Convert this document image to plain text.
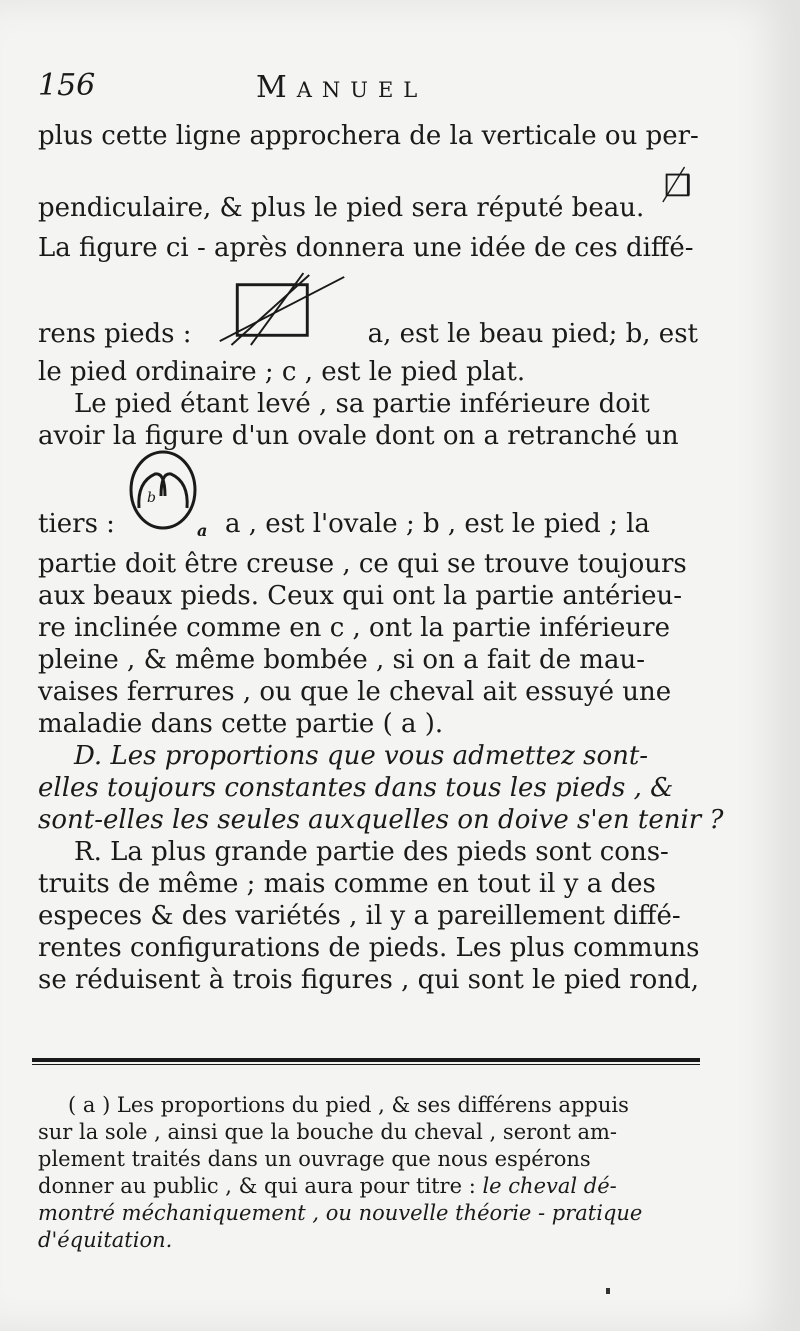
156	Manuel
plus cette ligne approchera de la verticale ou per-
pendiculaire, & plus le pied sera réputé beau.
La figure ci - après donnera une idée de ces diffé-
rens pieds :	a, est le beau pied; b, est
le pied ordinaire ; c , est le pied plat.
Le pied étant levé , sa partie inférieure doit
avoir la figure d'un ovale dont on a retranché un
tiers :
b
a a , est l'ovale ; b , est le pied ; la
partie doit être creuse , ce qui se trouve toujours
aux beaux pieds. Ceux qui ont la partie antérieu-
re inclinée comme en c , ont la partie inférieure
pleine , & même bombée , si on a fait de mau-
vaises ferrures , ou que le cheval ait essuyé une
maladie dans cette partie ( a ).
D. Les proportions que vous admettez sont-
elles toujours constantes dans tous les pieds , &
sont-elles les seules auxquelles on doive s'en tenir ?
R. La plus grande partie des pieds sont cons-
truits de même ; mais comme en tout il y a des
especes & des variétés , il y a pareillement diffé-
rentes configurations de pieds. Les plus communs
se réduisent à trois figures , qui sont le pied rond,
( a ) Les proportions du pied , & ses différens appuis
sur la sole , ainsi que la bouche du cheval , seront am-
plement traités dans un ouvrage que nous espérons
donner au public , & qui aura pour titre : le cheval dé-
montré méchaniquement , ou nouvelle théorie - pratique
d'équitation.
